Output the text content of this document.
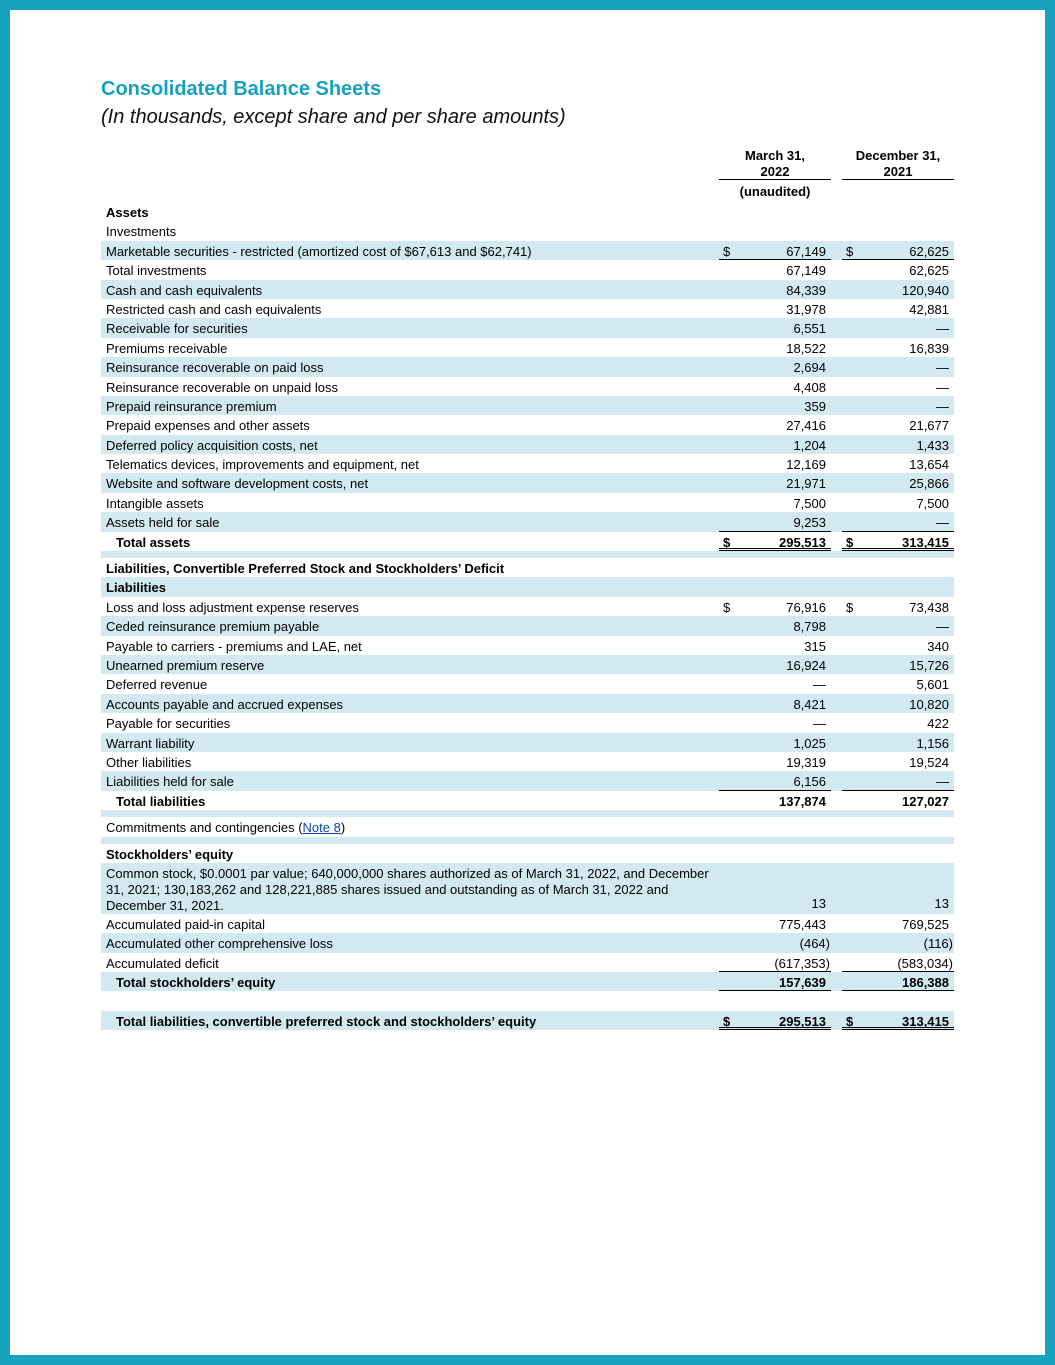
Consolidated Balance Sheets
(In thousands, except share and per share amounts)
March 31,
2022
December 31,
2021
(unaudited)
Assets
Investments
Marketable securities - restricted (amortized cost of $67,613 and $62,741)	$	67,149 $	62,625
Total investments	67,149	62,625
Cash and cash equivalents	84,339	120,940
Restricted cash and cash equivalents	31,978	42,881
Receivable for securities	6,551	—
Premiums receivable	18,522	16,839
Reinsurance recoverable on paid loss	2,694	—
Reinsurance recoverable on unpaid loss	4,408	—
Prepaid reinsurance premium	359	—
Prepaid expenses and other assets	27,416	21,677
Deferred policy acquisition costs, net	1,204	1,433
Telematics devices, improvements and equipment, net	12,169	13,654
Website and software development costs, net	21,971	25,866
Intangible assets	7,500	7,500
Assets held for sale	9,253	—
Total assets	$	295,513 $	313,415
Liabilities, Convertible Preferred Stock and Stockholders’ Deficit
Liabilities
Loss and loss adjustment expense reserves	$	76,916 $	73,438
Ceded reinsurance premium payable	8,798	—
Payable to carriers - premiums and LAE, net	315	340
Unearned premium reserve	16,924	15,726
Deferred revenue	—	5,601
Accounts payable and accrued expenses	8,421	10,820
Payable for securities	—	422
Warrant liability	1,025	1,156
Other liabilities	19,319	19,524
Liabilities held for sale	6,156	—
Total liabilities	137,874	127,027
Commitments and contingencies (Note 8)
Stockholders’ equity
Common stock, $0.0001 par value; 640,000,000 shares authorized as of March 31, 2022, and December 31, 2021; 130,183,262 and 128,221,885 shares issued and outstanding as of March 31, 2022 and December 31, 2021.	13	13
Accumulated paid-in capital	775,443	769,525
Accumulated other comprehensive loss	(464)	(116)
Accumulated deficit	(617,353)	(583,034)
Total stockholders’ equity	157,639	186,388
Total liabilities, convertible preferred stock and stockholders’ equity	$	295,513 $	313,415
